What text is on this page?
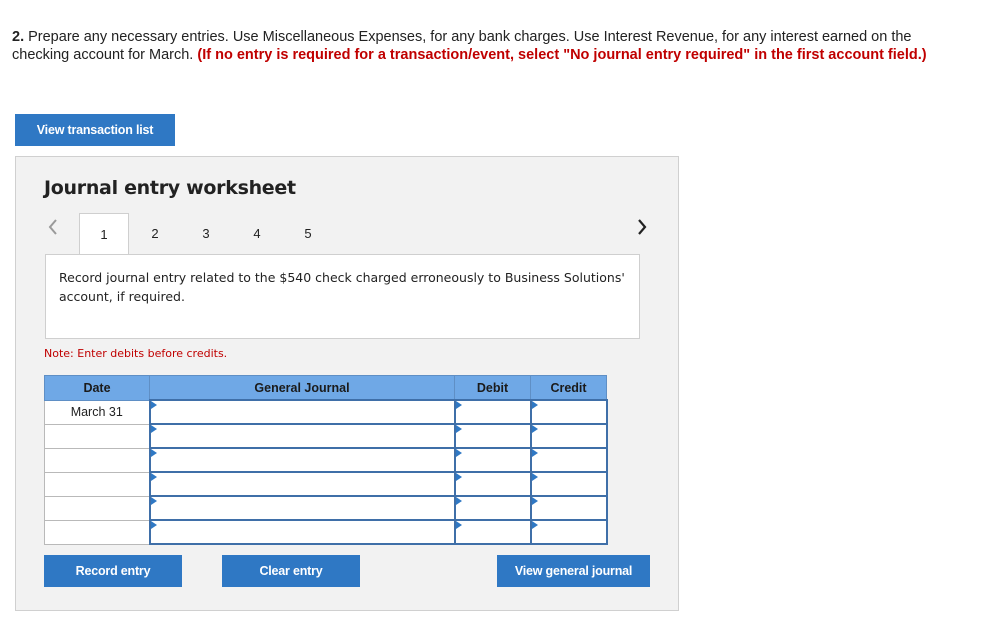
2. Prepare any necessary entries. Use Miscellaneous Expenses, for any bank charges. Use Interest Revenue, for any interest earned on the checking account for March. (If no entry is required for a transaction/event, select "No journal entry required" in the first account field.)
View transaction list
Journal entry worksheet
1	2	3	4	5
Record journal entry related to the $540 check charged erroneously to Business Solutions' account, if required.
Note: Enter debits before credits.
Date	General Journal	Debit	Credit
March 31	

Record entry	Clear entry	View general journal
